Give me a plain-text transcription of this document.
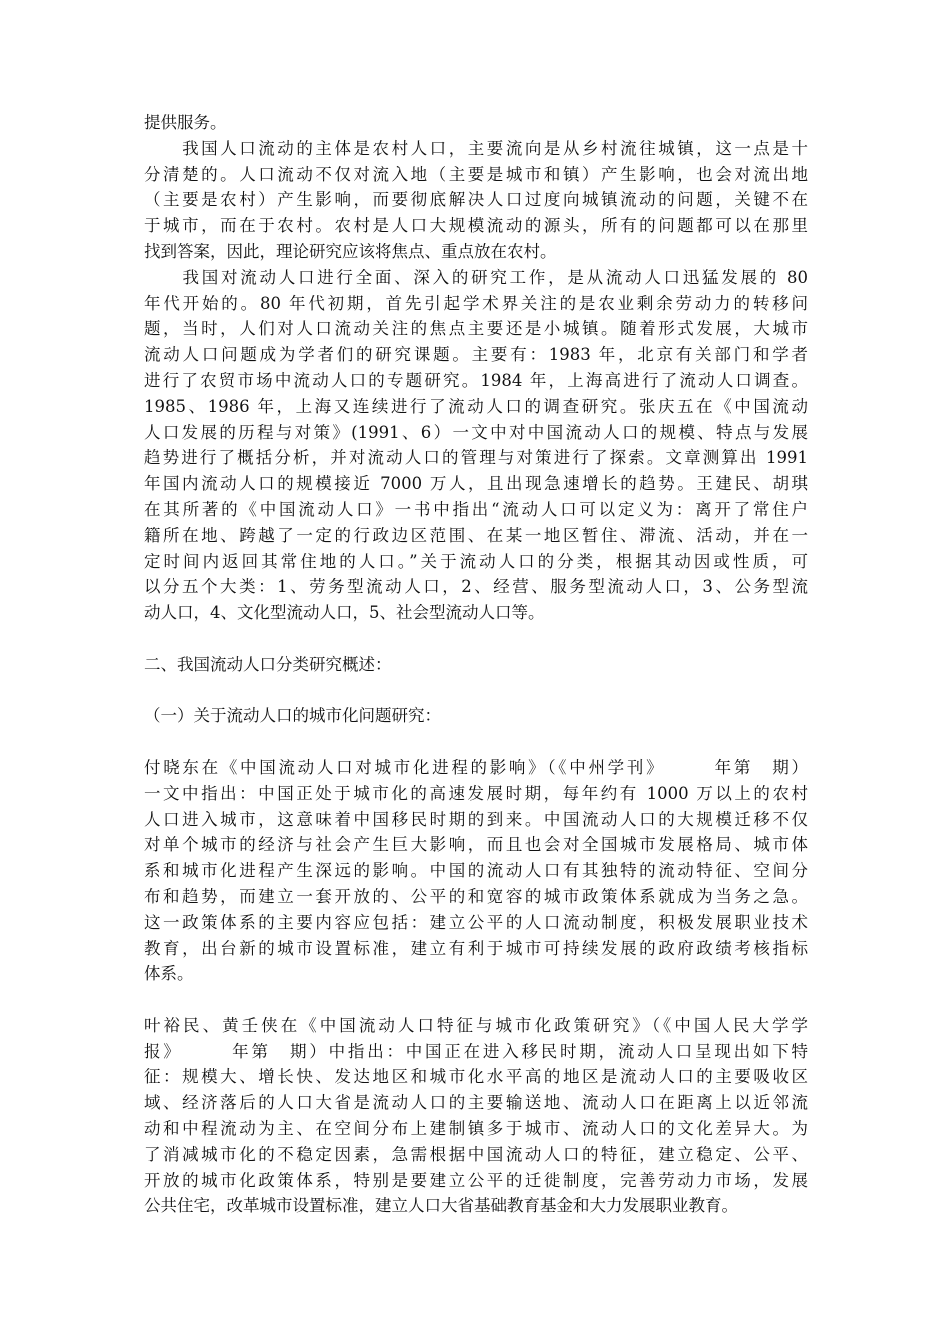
提供服务。
　　我国人口流动的主体是农村人口，主要流向是从乡村流往城镇，这一点是十
分清楚的。人口流动不仅对流入地（主要是城市和镇）产生影响，也会对流出地
（主要是农村）产生影响，而要彻底解决人口过度向城镇流动的问题，关键不在
于城市，而在于农村。农村是人口大规模流动的源头，所有的问题都可以在那里
找到答案，因此，理论研究应该将焦点、重点放在农村。
　　我国对流动人口进行全面、深入的研究工作，是从流动人口迅猛发展的 80
年代开始的。80 年代初期，首先引起学术界关注的是农业剩余劳动力的转移问
题，当时，人们对人口流动关注的焦点主要还是小城镇。随着形式发展，大城市
流动人口问题成为学者们的研究课题。主要有：1983 年，北京有关部门和学者
进行了农贸市场中流动人口的专题研究。1984 年，上海高进行了流动人口调查。
1985、1986 年，上海又连续进行了流动人口的调查研究。张庆五在《中国流动
人口发展的历程与对策》(1991、6）一文中对中国流动人口的规模、特点与发展
趋势进行了概括分析，并对流动人口的管理与对策进行了探索。文章测算出 1991
年国内流动人口的规模接近 7000 万人，且出现急速增长的趋势。王建民、胡琪
在其所著的《中国流动人口》一书中指出“流动人口可以定义为：离开了常住户
籍所在地、跨越了一定的行政边区范围、在某一地区暂住、滞流、活动，并在一
定时间内返回其常住地的人口。”关于流动人口的分类，根据其动因或性质，可
以分五个大类：1、劳务型流动人口，2、经营、服务型流动人口，3、公务型流
动人口，4、文化型流动人口，5、社会型流动人口等。
二、我国流动人口分类研究概述：
（一）关于流动人口的城市化问题研究：
付晓东在《中国流动人口对城市化进程的影响》（《中州学刊》　　　年第　期）
一文中指出：中国正处于城市化的高速发展时期，每年约有 1000 万以上的农村
人口进入城市，这意味着中国移民时期的到来。中国流动人口的大规模迁移不仅
对单个城市的经济与社会产生巨大影响，而且也会对全国城市发展格局、城市体
系和城市化进程产生深远的影响。中国的流动人口有其独特的流动特征、空间分
布和趋势，而建立一套开放的、公平的和宽容的城市政策体系就成为当务之急。
这一政策体系的主要内容应包括：建立公平的人口流动制度，积极发展职业技术
教育，出台新的城市设置标准，建立有利于城市可持续发展的政府政绩考核指标
体系。
叶裕民、黄壬侠在《中国流动人口特征与城市化政策研究》（《中国人民大学学
报》　　　年第　期）中指出：中国正在进入移民时期，流动人口呈现出如下特
征：规模大、增长快、发达地区和城市化水平高的地区是流动人口的主要吸收区
域、经济落后的人口大省是流动人口的主要输送地、流动人口在距离上以近邻流
动和中程流动为主、在空间分布上建制镇多于城市、流动人口的文化差异大。为
了消减城市化的不稳定因素，急需根据中国流动人口的特征，建立稳定、公平、
开放的城市化政策体系，特别是要建立公平的迁徙制度，完善劳动力市场，发展
公共住宅，改革城市设置标准，建立人口大省基础教育基金和大力发展职业教育。
